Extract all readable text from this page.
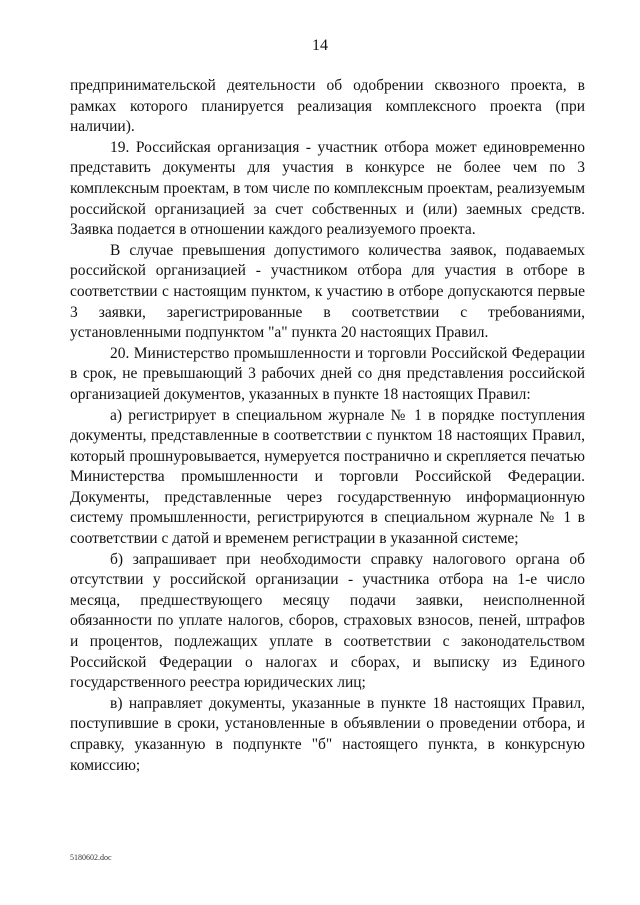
14

предпринимательской деятельности об одобрении сквозного проекта, в рамках которого планируется реализация комплексного проекта (при наличии).

19. Российская организация - участник отбора может единовременно представить документы для участия в конкурсе не более чем по 3 комплексным проектам, в том числе по комплексным проектам, реализуемым российской организацией за счет собственных и (или) заемных средств. Заявка подается в отношении каждого реализуемого проекта.

В случае превышения допустимого количества заявок, подаваемых российской организацией - участником отбора для участия в отборе в соответствии с настоящим пунктом, к участию в отборе допускаются первые 3 заявки, зарегистрированные в соответствии с требованиями, установленными подпунктом "а" пункта 20 настоящих Правил.

20. Министерство промышленности и торговли Российской Федерации в срок, не превышающий 3 рабочих дней со дня представления российской организацией документов, указанных в пункте 18 настоящих Правил:

а) регистрирует в специальном журнале № 1 в порядке поступления документы, представленные в соответствии с пунктом 18 настоящих Правил, который прошнуровывается, нумеруется постранично и скрепляется печатью Министерства промышленности и торговли Российской Федерации. Документы, представленные через государственную информационную систему промышленности, регистрируются в специальном журнале № 1 в соответствии с датой и временем регистрации в указанной системе;

б) запрашивает при необходимости справку налогового органа об отсутствии у российской организации - участника отбора на 1-е число месяца, предшествующего месяцу подачи заявки, неисполненной обязанности по уплате налогов, сборов, страховых взносов, пеней, штрафов и процентов, подлежащих уплате в соответствии с законодательством Российской Федерации о налогах и сборах, и выписку из Единого государственного реестра юридических лиц;

в) направляет документы, указанные в пункте 18 настоящих Правил, поступившие в сроки, установленные в объявлении о проведении отбора, и справку, указанную в подпункте "б" настоящего пункта, в конкурсную комиссию;

5180602.doc
